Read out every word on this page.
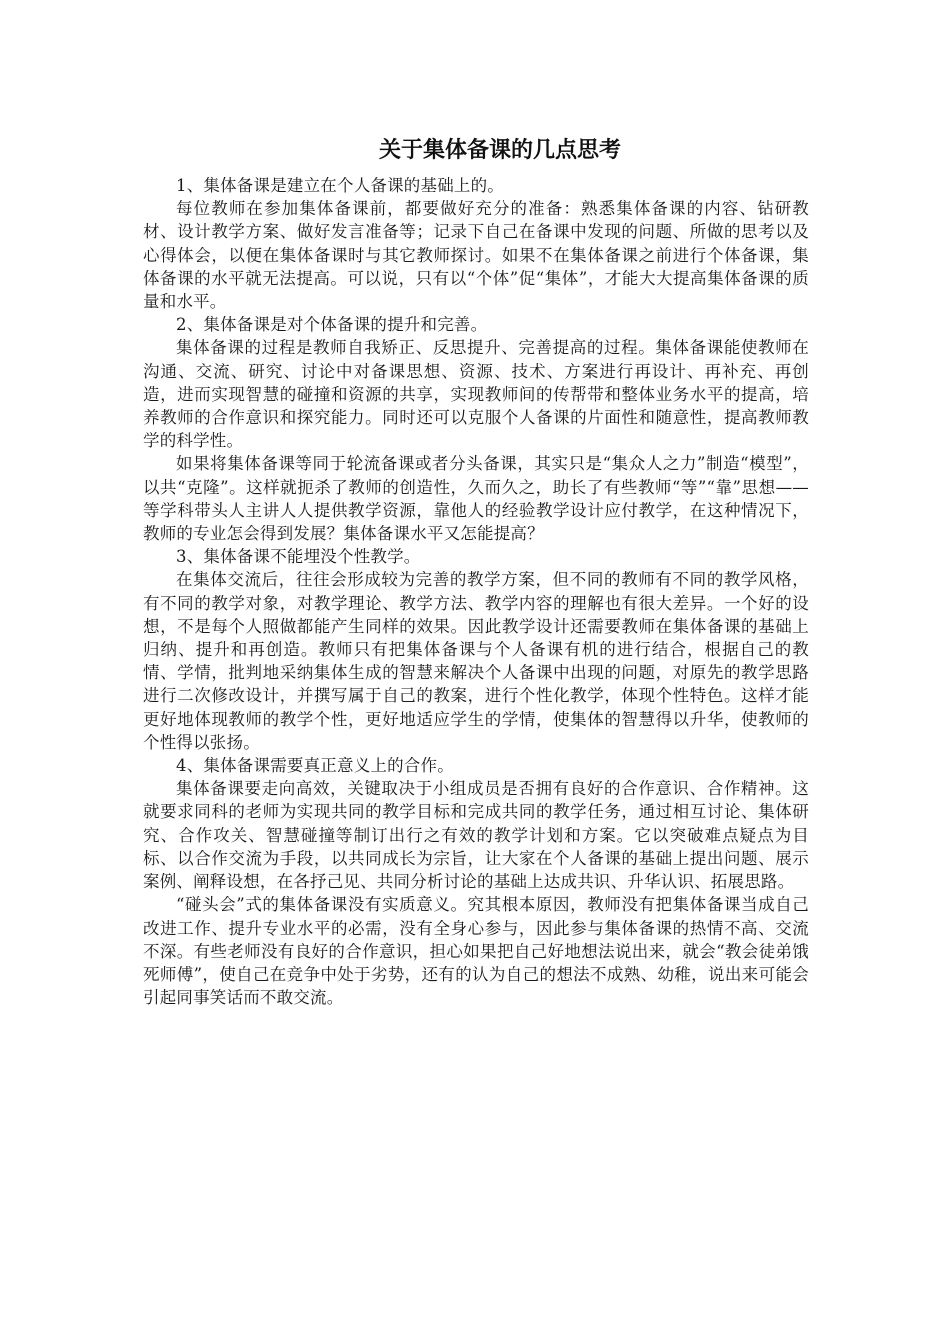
关于集体备课的几点思考

1、集体备课是建立在个人备课的基础上的。

每位教师在参加集体备课前，都要做好充分的准备：熟悉集体备课的内容、钻研教材、设计教学方案、做好发言准备等；记录下自己在备课中发现的问题、所做的思考以及心得体会，以便在集体备课时与其它教师探讨。如果不在集体备课之前进行个体备课，集体备课的水平就无法提高。可以说，只有以“个体”促“集体”，才能大大提高集体备课的质量和水平。

2、集体备课是对个体备课的提升和完善。

集体备课的过程是教师自我矫正、反思提升、完善提高的过程。集体备课能使教师在沟通、交流、研究、讨论中对备课思想、资源、技术、方案进行再设计、再补充、再创造，进而实现智慧的碰撞和资源的共享，实现教师间的传帮带和整体业务水平的提高，培养教师的合作意识和探究能力。同时还可以克服个人备课的片面性和随意性，提高教师教学的科学性。

如果将集体备课等同于轮流备课或者分头备课，其实只是“集众人之力”制造“模型”，以共“克隆”。这样就扼杀了教师的创造性，久而久之，助长了有些教师“等”“靠”思想——等学科带头人主讲人人提供教学资源，靠他人的经验教学设计应付教学，在这种情况下，教师的专业怎会得到发展？集体备课水平又怎能提高？

3、集体备课不能埋没个性教学。

在集体交流后，往往会形成较为完善的教学方案，但不同的教师有不同的教学风格，有不同的教学对象，对教学理论、教学方法、教学内容的理解也有很大差异。一个好的设想，不是每个人照做都能产生同样的效果。因此教学设计还需要教师在集体备课的基础上归纳、提升和再创造。教师只有把集体备课与个人备课有机的进行结合，根据自己的教情、学情，批判地采纳集体生成的智慧来解决个人备课中出现的问题，对原先的教学思路进行二次修改设计，并撰写属于自己的教案，进行个性化教学，体现个性特色。这样才能更好地体现教师的教学个性，更好地适应学生的学情，使集体的智慧得以升华，使教师的个性得以张扬。

4、集体备课需要真正意义上的合作。

集体备课要走向高效，关键取决于小组成员是否拥有良好的合作意识、合作精神。这就要求同科的老师为实现共同的教学目标和完成共同的教学任务，通过相互讨论、集体研究、合作攻关、智慧碰撞等制订出行之有效的教学计划和方案。它以突破难点疑点为目标、以合作交流为手段，以共同成长为宗旨，让大家在个人备课的基础上提出问题、展示案例、阐释设想，在各抒己见、共同分析讨论的基础上达成共识、升华认识、拓展思路。

“碰头会”式的集体备课没有实质意义。究其根本原因，教师没有把集体备课当成自己改进工作、提升专业水平的必需，没有全身心参与，因此参与集体备课的热情不高、交流不深。有些老师没有良好的合作意识，担心如果把自己好地想法说出来，就会“教会徒弟饿死师傅”，使自己在竞争中处于劣势，还有的认为自己的想法不成熟、幼稚，说出来可能会引起同事笑话而不敢交流。
